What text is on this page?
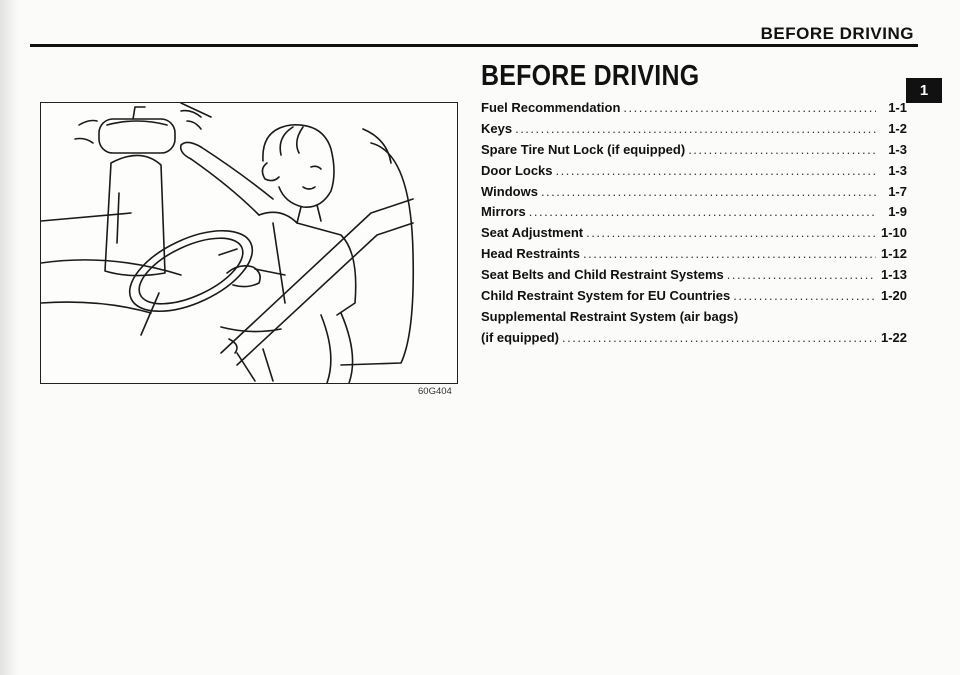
BEFORE DRIVING
BEFORE DRIVING	1
60G404
Fuel Recommendation .....	1-1
Keys .....	1-2
Spare Tire Nut Lock (if equipped) .....	1-3
Door Locks .....	1-3
Windows .....	1-7
Mirrors .....	1-9
Seat Adjustment .....	1-10
Head Restraints .....	1-12
Seat Belts and Child Restraint Systems .....	1-13
Child Restraint System for EU Countries .....	1-20
Supplemental Restraint System (air bags)
(if equipped) .....	1-22
